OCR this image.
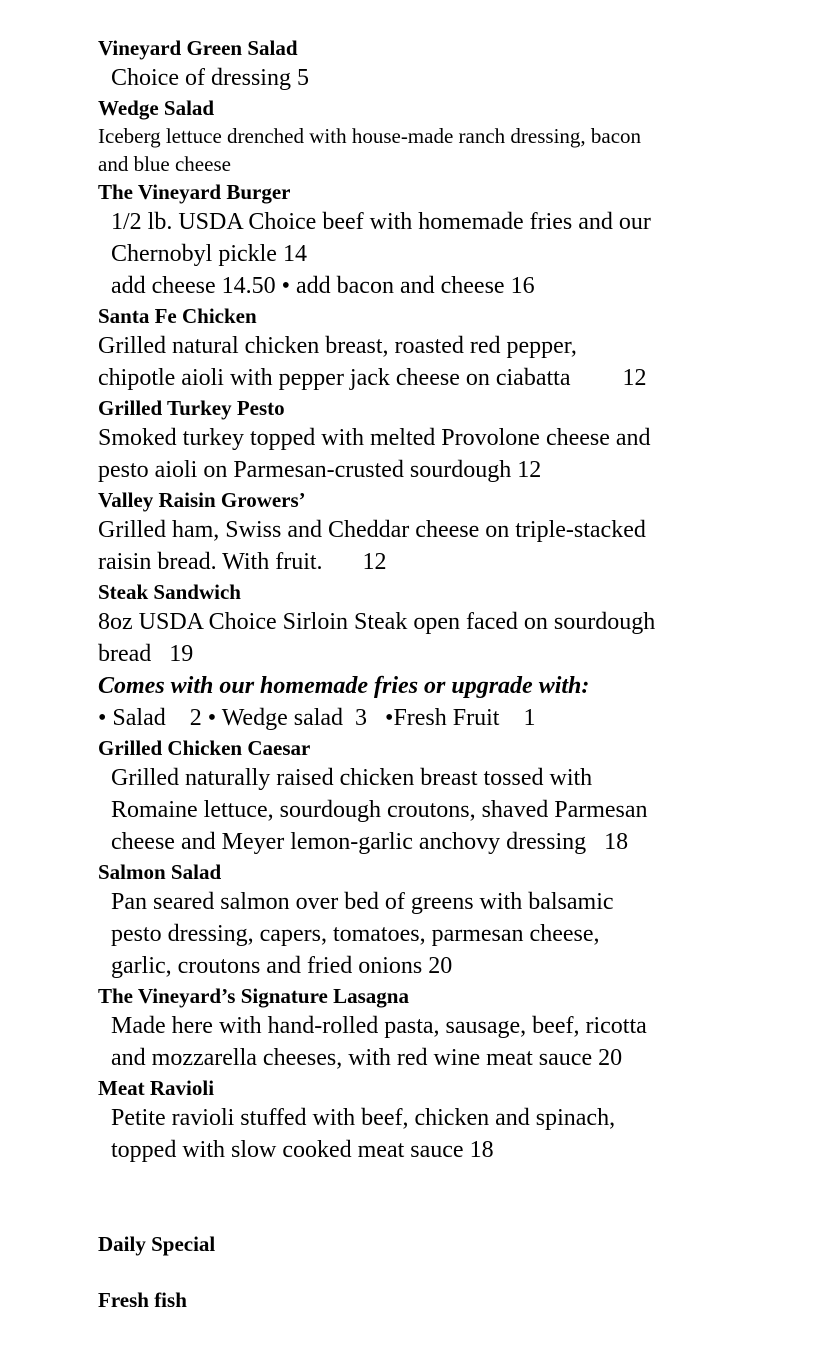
Vineyard Green Salad

Choice of dressing 5

Wedge Salad

Iceberg lettuce drenched with house-made ranch dressing, bacon

and blue cheese

The Vineyard Burger

1/2 lb. USDA Choice beef with homemade fries and our

Chernobyl pickle 14

add cheese 14.50 • add bacon and cheese 16

Santa Fe Chicken

Grilled natural chicken breast, roasted red pepper,

chipotle aioli with pepper jack cheese on ciabatta 12

Grilled Turkey Pesto

Smoked turkey topped with melted Provolone cheese and

pesto aioli on Parmesan-crusted sourdough 12

Valley Raisin Growers’

Grilled ham, Swiss and Cheddar cheese on triple-stacked

raisin bread. With fruit. 12

Steak Sandwich

8oz USDA Choice Sirloin Steak open faced on sourdough

bread   19

Comes with our homemade fries or upgrade with:

• Salad    2 • Wedge salad  3   •Fresh Fruit    1

Grilled Chicken Caesar

Grilled naturally raised chicken breast tossed with

Romaine lettuce, sourdough croutons, shaved Parmesan

cheese and Meyer lemon-garlic anchovy dressing   18

Salmon Salad

Pan seared salmon over bed of greens with balsamic

pesto dressing, capers, tomatoes, parmesan cheese,

garlic, croutons and fried onions 20

The Vineyard’s Signature Lasagna

Made here with hand-rolled pasta, sausage, beef, ricotta

and mozzarella cheeses, with red wine meat sauce 20

Meat Ravioli

Petite ravioli stuffed with beef, chicken and spinach,

topped with slow cooked meat sauce 18

Daily Special

Fresh fish
